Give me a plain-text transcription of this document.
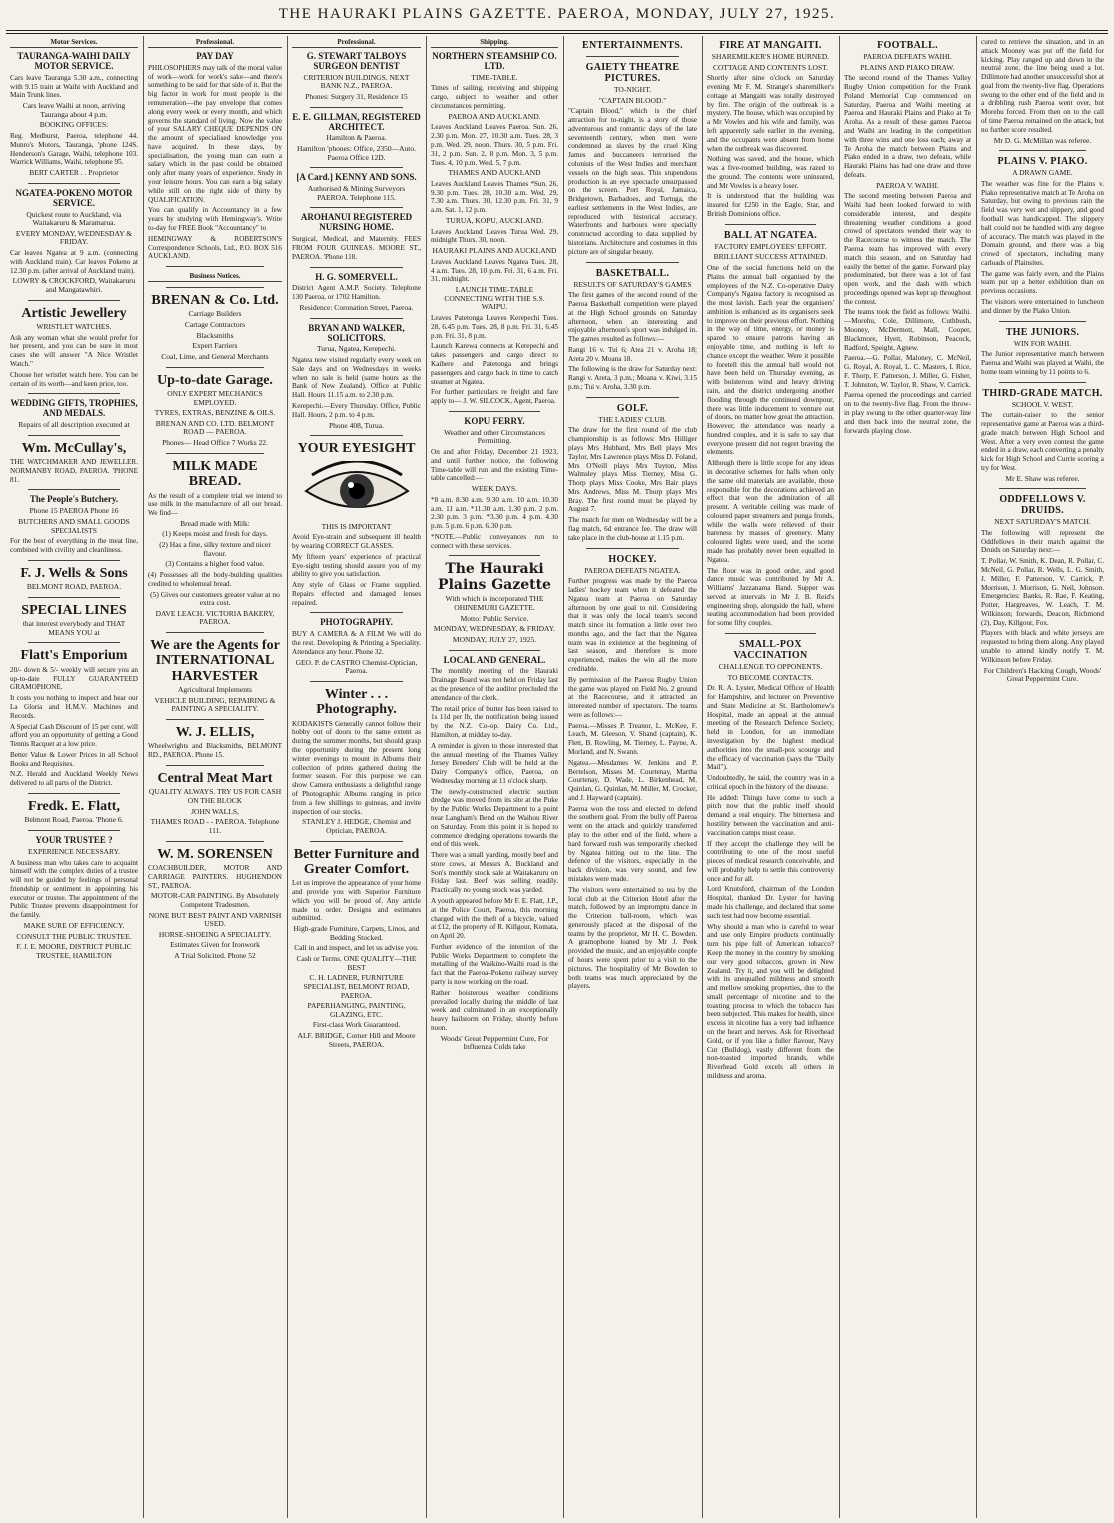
THE HAURAKI PLAINS GAZETTE. PAEROA, MONDAY, JULY 27, 1925.
Motor Services.
TAURANGA-WAIHI DAILY MOTOR SERVICE.
Cars leave Tauranga 5.30 a.m., connecting with 9.15 train at Waihi with Auckland and Main Trunk lines.
Cars leave Waihi at noon, arriving Tauranga about 4 p.m.
BOOKING OFFICES:
Reg. Medhurst, Paeroa, telephone 44. Munro's Motors, Tauranga, 'phone 124S. Henderson's Garage, Waihi, telephone 103. Warrick Williams, Waihi, telephone 95.
BERT CARTER . . Proprietor
NGATEA-POKENO MOTOR SERVICE.
Quickest route to Auckland, via Waitakaruru & Maramarua.
EVERY MONDAY, WEDNESDAY & FRIDAY.
Car leaves Ngatea at 9 a.m. (connecting with Auckland train). Car leaves Pokeno at 12.30 p.m. (after arrival of Auckland train).
LOWRY & CROCKFORD, Waitakaruru and Mangatawhiri.
Artistic Jewellery
WRISTLET WATCHES.
Ask any woman what she would prefer for her present, and you can be sure in most cases she will answer "A Nice Wristlet Watch."
Choose her wristlet watch here. You can be certain of its worth—and keen price, too.
WEDDING GIFTS, TROPHIES, AND MEDALS.
Repairs of all description executed at
Wm. McCullay's,
THE WATCHMAKER AND JEWELLER. NORMANBY ROAD, PAEROA. 'PHONE 81.
The People's Butchery.
Phone 15 PAEROA Phone 16
BUTCHERS AND SMALL GOODS SPECIALISTS
For the best of everything in the meat line, combined with civility and cleanliness.
F. J. Wells & Sons
BELMONT ROAD, PAEROA.
SPECIAL LINES
that interest everybody and THAT MEANS YOU at
Flatt's Emporium
20/- down & 5/- weekly will secure you an up-to-date FULLY GUARANTEED GRAMOPHONE.
It costs you nothing to inspect and hear our La Gloria and H.M.V. Machines and Records.
A Special Cash Discount of 15 per cent. will afford you an opportunity of getting a Good Tennis Racquet at a low price.
Better Value & Lower Prices in all School Books and Requisites.
N.Z. Herald and Auckland Weekly News delivered to all parts of the District.
Fredk. E. Flatt,
Belmont Road, Paeroa. 'Phone 6.
YOUR TRUSTEE ?
EXPERIENCE NECESSARY.
A business man who takes care to acquaint himself with the complex duties of a trustee will not be guided by feelings of personal friendship or sentiment in appointing his executor or trustee. The appointment of the Public Trustee prevents disappointment for the family.
MAKE SURE OF EFFICIENCY.
CONSULT THE PUBLIC TRUSTEE.
F. J. E. MOORE, DISTRICT PUBLIC TRUSTEE, HAMILTON
Professional.
PAY DAY
PHILOSOPHERS may talk of the moral value of work—work for work's sake—and there's something to be said for that side of it. But the big factor in work for most people is the remuneration—the pay envelope that comes along every week or every month, and which governs the standard of living. Now the value of your SALARY CHEQUE DEPENDS ON the amount of specialised knowledge you have acquired. In these days, by specialisation, the young man can earn a salary which in the past could be obtained only after many years of experience. Study in your leisure hours. You can earn a big salary while still on the right side of thirty by QUALIFICATION.
You can qualify in Accountancy in a few years by studying with Hemingway's. Write to-day for FREE Book "Accountancy" to
HEMINGWAY & ROBERTSON'S Correspondence Schools, Ltd., P.O. BOX 516 AUCKLAND.
Business Notices.
BRENAN & Co. Ltd.
Carriage Builders
Cartage Contractors
Blacksmiths
Expert Farriers
Coal, Lime, and General Merchants
Up-to-date Garage.
ONLY EXPERT MECHANICS EMPLOYED.
TYRES, EXTRAS, BENZINE & OILS.
BRENAN AND CO. LTD. BELMONT ROAD — PAEROA.
Phones— Head Office 7 Works 22.
MILK MADE BREAD.
As the result of a complete trial we intend to use milk in the manufacture of all our bread. We find—
Bread made with Milk:
(1) Keeps moist and fresh for days.
(2) Has a fine, silky texture and nicer flavour.
(3) Contains a higher food value.
(4) Possesses all the body-building qualities credited to wholemeal bread.
(5) Gives our customers greater value at no extra cost.
DAVE LEACH. VICTORIA BAKERY, PAEROA.
We are the Agents for INTERNATIONAL HARVESTER
Agricultural Implements
VEHICLE BUILDING, REPAIRING & PAINTING A SPECIALITY.
W. J. ELLIS,
Wheelwrights and Blacksmiths, BELMONT RD., PAEROA. Phone 15.
Central Meat Mart
QUALITY ALWAYS. TRY US FOR CASH ON THE BLOCK
JOHN WALLS,
THAMES ROAD - - PAEROA. Telephone 111.
W. M. SORENSEN
COACHBUILDER, MOTOR AND CARRIAGE PAINTERS. HUGHENDON ST., PAEROA.
MOTOR-CAR PAINTING. By Absolutely Competent Tradesmen.
NONE BUT BEST PAINT AND VARNISH USED.
HORSE-SHOEING A SPECIALITY.
Estimates Given for Ironwork
A Trial Solicited. Phone 52
Professional.
G. STEWART TALBOYS SURGEON DENTIST
CRITERION BUILDINGS. NEXT BANK N.Z., PAEROA.
Phones: Surgery 31, Residence 15
E. E. GILLMAN, REGISTERED ARCHITECT.
Hamilton & Paeroa.
Hamilton 'phones: Office, 2350—Auto. Paeroa Office 12D.
[A Card.] KENNY AND SONS.
Authorised & Mining Surveyors PAEROA. Telephone 115.
AROHANUI REGISTERED NURSING HOME.
Surgical, Medical, and Maternity. FEES FROM FOUR GUINEAS. MOORE ST., PAEROA. 'Phone 118.
H. G. SOMERVELL.
District Agent A.M.P. Society. Telephone 130 Paeroa, or 1702 Hamilton.
Residence: Coronation Street, Paeroa.
BRYAN AND WALKER, SOLICITORS.
Turua, Ngatea, Kerepechi.
Ngatea now visited regularly every week on Sale days and on Wednesdays in weeks when no sale is held (same hours as the Bank of New Zealand). Office at Public Hall. Hours 11.15 a.m. to 2.30 p.m.
Kerepechi.—Every Thursday. Office, Public Hall. Hours, 2 p.m. to 4 p.m.
Phone 408, Turua.
YOUR EYESIGHT
THIS IS IMPORTANT
Avoid Eye-strain and subsequent ill health by wearing CORRECT GLASSES.
My fifteen years' experience of practical Eye-sight testing should assure you of my ability to give you satisfaction.
Any style of Glass or Frame supplied. Repairs effected and damaged lenses repaired.
PHOTOGRAPHY.
BUY A CAMERA & A FILM We will do the rest. Developing & Printing a Speciality. Attendance any hour. Phone 32.
GEO. P. de CASTRO Chemist-Optician, Paeroa.
Winter . . . Photography.
KODAKISTS Generally cannot follow their hobby out of doors to the same extent as during the summer months, but should grasp the opportunity during the present long winter evenings to mount in Albums their collection of prints gathered during the former season. For this purpose we can show Camera enthusiasts a delightful range of Photographic Albums ranging in price from a few shillings to guineas, and invite inspection of our stocks.
STANLEY J. HEDGE, Chemist and Optician, PAEROA.
Better Furniture and Greater Comfort.
Let us improve the appearance of your home and provide you with Superior Furniture which you will be proud of. Any article made to order. Designs and estimates submitted.
High-grade Furniture, Carpets, Linos, and Bedding Stocked.
Call in and inspect, and let us advise you.
Cash or Terms. ONE QUALITY—THE BEST
C. H. LADNER, FURNITURE SPECIALIST, BELMONT ROAD, PAEROA.
PAPERHANGING, PAINTING, GLAZING, ETC.
First-class Work Guaranteed.
ALF. BRIDGE, Corner Hill and Moore Streets, PAEROA.
Shipping.
NORTHERN STEAMSHIP CO. LTD.
TIME-TABLE.
Times of sailing, receiving and shipping cargo, subject to weather and other circumstances permitting.
PAEROA AND AUCKLAND.
Leaves Auckland Leaves Paeroa. Sun. 26, 2.30 p.m. Mon. 27, 10.30 a.m. Tues. 28, 3 p.m. Wed. 29, noon. Thurs. 30, 5 p.m. Fri. 31, 2 p.m. Sun. 2, 8 p.m. Mon. 3, 5 p.m. Tues. 4, 10 p.m. Wed. 5, 7 p.m.
THAMES AND AUCKLAND
Leaves Auckland Leaves Thames *Sun. 26, 9.30 p.m. Tues. 28, 10.30 a.m. Wed. 29, 7.30 a.m. Thurs. 30, 12.30 p.m. Fri. 31, 9 a.m. Sat. 1, 12 p.m.
TURUA, KOPU, AUCKLAND.
Leaves Auckland Leaves Turua Wed. 29, midnight Thurs. 30, noon.
HAURAKI PLAINS AND AUCKLAND
Leaves Auckland Leaves Ngatea Tues. 28, 4 a.m. Tues. 28, 10 p.m. Fri. 31, 6 a.m. Fri. 31, midnight.
LAUNCH TIME-TABLE CONNECTING WITH THE S.S. WAIPU.
Leaves Patetonga Leaves Kerepechi Tues. 28, 6.45 p.m. Tues. 28, 8 p.m. Fri. 31, 6.45 p.m. Fri. 31, 8 p.m.
Launch Karewa connects at Kerepechi and takes passengers and cargo direct to Kaihere and Patetonga and brings passengers and cargo back in time to catch steamer at Ngatea.
For further particulars re freight and fare apply to— J. W. SILCOCK, Agent, Paeroa.
KOPU FERRY.
Weather and other Circumstances Permitting.
On and after Friday, December 21 1923, and until further notice, the following Time-table will run and the existing Time-table cancelled:—
WEEK DAYS.
*8 a.m. 8.30 a.m. 9.30 a.m. 10 a.m. 10.30 a.m. 11 a.m. *11.30 a.m. 1.30 p.m. 2 p.m. 2.30 p.m. 3 p.m. *3.30 p.m. 4 p.m. 4.30 p.m. 5 p.m. 6 p.m. 6.30 p.m.
*NOTE.—Public conveyances run to connect with these services.
The Hauraki Plains Gazette
With which is incorporated THE OHINEMURI GAZETTE.
Motto: Public Service.
MONDAY, WEDNESDAY, & FRIDAY.
MONDAY, JULY 27, 1925.
LOCAL AND GENERAL.
The monthly meeting of the Hauraki Drainage Board was not held on Friday last as the presence of the auditor precluded the attendance of the clerk.
The retail price of butter has been raised to 1s 11d per lb, the notification being issued by the N.Z. Co-op. Dairy Co. Ltd., Hamilton, at midday to-day.
A reminder is given to those interested that the annual meeting of the Thames Valley Jersey Breeders' Club will be held at the Dairy Company's office, Paeroa, on Wednesday morning at 11 o'clock sharp.
The newly-constructed electric suction dredge was moved from its site at the Puke by the Public Works Department to a point near Langham's Bend on the Waihou River on Saturday. From this point it is hoped to commence dredging operations towards the end of this week.
There was a small yarding, mostly beef and store cows, at Messrs A. Buckland and Son's monthly stock sale at Waitakaruru on Friday last. Beef was selling readily. Practically no young stock was yarded.
A youth appeared before Mr F. E. Flatt, J.P., at the Police Court, Paeroa, this morning charged with the theft of a bicycle, valued at £12, the property of R. Killgour, Komata, on April 20.
Further evidence of the intention of the Public Works Department to complete the metalling of the Waikino-Waihi road is the fact that the Paeroa-Pokeno railway survey party is now working on the road.
Rather boisterous weather conditions prevailed locally during the middle of last week and culminated in an exceptionally heavy hailstorm on Friday, shortly before noon.
Woods' Great Peppermint Cure, For Influenza Colds take
ENTERTAINMENTS.
GAIETY THEATRE PICTURES.
TO-NIGHT.
"CAPTAIN BLOOD."
"Captain Blood," which is the chief attraction for to-night, is a story of those adventurous and romantic days of the late seventeenth century, when men were condemned as slaves by the cruel King James and buccaneers terrorised the colonists of the West Indies and merchant vessels on the high seas. This stupendous production is an eye spectacle unsurpassed on the screen. Port Royal, Jamaica, Bridgetown, Barbadoes, and Tortuga, the earliest settlements in the West Indies, are reproduced with historical accuracy. Waterfronts and harbours were specially constructed according to data supplied by historians. Architecture and costumes in this picture are of singular beauty.
BASKETBALL.
RESULTS OF SATURDAY'S GAMES
The first games of the second round of the Paeroa Basketball competition were played at the High School grounds on Saturday afternoon, when an interesting and enjoyable afternoon's sport was indulged in. The games resulted as follows:—
Rangi 16 v. Tui 6; Atea 21 v. Aroha 18; Areta 20 v. Moana 18.
The following is the draw for Saturday next: Rangi v. Areta, 3 p.m.; Moana v. Kiwi, 3.15 p.m.; Tui v. Aroha, 3.30 p.m.
GOLF.
THE LADIES' CLUB.
The draw for the first round of the club championship is as follows: Mrs Hilliger plays Mrs Hubbard, Mrs Bell plays Mrs Taylor, Mrs Lawrence plays Miss D. Foland, Mrs O'Neill plays Mrs Tuyton, Miss Walmsley plays Miss Tierney, Miss G. Thorp plays Miss Cooke, Mrs Bair plays Mrs Andrews, Miss M. Thorp plays Mrs Bray. The first round must be played by August 7.
The match for men on Wednesday will be a flag match, 6d entrance fee. The draw will take place in the club-house at 1.15 p.m.
HOCKEY.
PAEROA DEFEATS NGATEA.
Further progress was made by the Paeroa ladies' hockey team when it defeated the Ngatea team at Paeroa on Saturday afternoon by one goal to nil. Considering that it was only the local team's second match since its formation a little over two months ago, and the fact that the Ngatea team was in existence at the beginning of last season, and therefore is more experienced, makes the win all the more creditable.
By permission of the Paeroa Rugby Union the game was played on Field No. 2 ground at the Racecourse, and it attracted an interested number of spectators. The teams were as follows:—
Paeroa.—Misses P. Treanor, L. McKee, F. Leach, M. Gleeson, V. Shand (captain), K. Flett, B. Rowling, M. Tierney, L. Payne, A. Morland, and N. Swann.
Ngatea.—Mesdames W. Jenkins and P. Bertelson, Misses M. Courtenay, Martha Courtenay, D. Wade, L. Birkenhead, M. Quinlan, G. Quinlan, M. Miller, M. Crocker, and J. Hayward (captain).
Paeroa won the toss and elected to defend the southern goal. From the bully off Paeroa went on the attack and quickly transferred play to the other end of the field, where a hard forward rush was temporarily checked by Ngatea hitting out to the line. The defence of the visitors, especially in the back division, was very sound, and few mistakes were made.
The visitors were entertained to tea by the local club at the Criterion Hotel after the match, followed by an impromptu dance in the Criterion ball-room, which was generously placed at the disposal of the teams by the proprietor, Mr H. C. Bowden. A gramophone loaned by Mr J. Peek provided the music, and an enjoyable couple of hours were spent prior to a visit to the pictures. The hospitality of Mr Bowden to both teams was much appreciated by the players.
FIRE AT MANGAITI.
SHAREMILKER'S HOME BURNED.
COTTAGE AND CONTENTS LOST.
Shortly after nine o'clock on Saturday evening Mr F. M. Strange's sharemilker's cottage at Mangaiti was totally destroyed by fire. The origin of the outbreak is a mystery. The house, which was occupied by a Mr Vowles and his wife and family, was left apparently safe earlier in the evening, and the occupants were absent from home when the outbreak was discovered.
Nothing was saved, and the house, which was a five-roomed building, was razed to the ground. The contents were uninsured, and Mr Vowles is a heavy loser.
It is understood that the building was insured for £250 in the Eagle, Star, and British Dominions office.
BALL AT NGATEA.
FACTORY EMPLOYEES' EFFORT.
BRILLIANT SUCCESS ATTAINED.
One of the social functions held on the Plains the annual ball organised by the employees of the N.Z. Co-operative Dairy Company's Ngatea factory is recognised as the most lavish. Each year the organisers' ambition is enhanced as its organisers seek to improve on their previous effort. Nothing in the way of time, energy, or money is spared to ensure patrons having an enjoyable time, and nothing is left to chance except the weather. Were it possible to foretell this the annual ball would not have been held on Thursday evening, as with boisterous wind and heavy driving rain, and the district undergoing another flooding through the continued downpour, there was little inducement to venture out of doors, no matter how great the attraction. However, the attendance was nearly a hundred couples, and it is safe to say that everyone present did not regret braving the elements.
Although there is little scope for any ideas in decorative schemes for halls when only the same old materials are available, those responsible for the decorations achieved an effect that won the admiration of all present. A veritable ceiling was made of coloured paper streamers and punga fronds, while the walls were relieved of their bareness by masses of greenery. Many coloured lights were used, and the scene made has probably never been equalled in Ngatea.
The floor was in good order, and good dance music was contributed by Mr A. Williams' Jazzanama Band. Supper was served at intervals in Mr J. B. Reid's engineering shop, alongside the hall, where seating accommodation had been provided for some fifty couples.
SMALL-POX VACCINATION
CHALLENGE TO OPPONENTS.
TO BECOME CONTACTS.
Dr. R. A. Lyster, Medical Officer of Health for Hampshire, and lecturer on Preventive and State Medicine at St. Bartholomew's Hospital, made an appeal at the annual meeting of the Research Defence Society, held in London, for an immediate investigation by the highest medical authorities into the small-pox scourge and the efficacy of vaccination (says the "Daily Mail").
Undoubtedly, he said, the country was in a critical epoch in the history of the disease.
He added: Things have come to such a pitch now that the public itself should demand a real enquiry. The bitterness and hostility between the vaccination and anti-vaccination camps must cease.
If they accept the challenge they will be contributing to one of the most useful pieces of medical research conceivable, and will probably help to settle this controversy once and for all.
Lord Knutsford, chairman of the London Hospital, thanked Dr. Lyster for having made his challenge, and declared that some such test had now become essential.
Why should a man who is careful to wear and use only Empire products continually turn his pipe full of American tobacco? Keep the money in the country by smoking our very good tobaccos, grown in New Zealand. Try it, and you will be delighted with its unequalled mildness and smooth and mellow smoking properties, due to the small percentage of nicotine and to the toasting process to which the tobacco has been subjected. This makes for health, since excess in nicotine has a very bad influence on the heart and nerves. Ask for Riverhead Gold, or if you like a fuller flavour, Navy Cut (Bulldog), vastly different from the non-toasted imported brands, while Riverhead Gold excels all others in mildness and aroma.
FOOTBALL.
PAEROA DEFEATS WAIHI.
PLAINS AND PIAKO DRAW.
The second round of the Thames Valley Rugby Union competition for the Frank Poland Memorial Cup commenced on Saturday, Paeroa and Waihi meeting at Paeroa and Hauraki Plains and Piako at Te Aroha. As a result of these games Paeroa and Waihi are leading in the competition with three wins and one loss each; away at Te Aroha the match between Plains and Piako ended in a draw, two defeats, while Hauraki Plains has had one draw and three defeats.
PAEROA V. WAIHI.
The second meeting between Paeroa and Waihi had been looked forward to with considerable interest, and despite threatening weather conditions a good crowd of spectators wended their way to the Racecourse to witness the match. The Paeroa team has improved with every match this season, and on Saturday had easily the better of the game. Forward play predominated, but there was a lot of fast open work, and the dash with which proceedings opened was kept up throughout the contest.
The teams took the field as follows: Waihi.—Morehu, Cole, Dillimore, Cuthbush, Mooney, McDermott, Mall, Cooper, Blackmore, Hyett, Robinson, Peacock, Radford, Speight, Agnew.
Paeroa.—G. Pollar, Maloney, C. McNeil, G. Royal, A. Royal, L. C. Masters, I. Rice, F. Thorp, F. Patterson, J. Miller, G. Fisher, T. Johnston, W. Taylor, R. Shaw, V. Carrick.
Paeroa opened the proceedings and carried on to the twenty-five flag. From the throw-in play swung to the other quarter-way line and then back into the neutral zone, the forwards playing close.
cured to retrieve the situation, and in an attack Mooney was put off the field for kicking. Play ranged up and down in the neutral zone, the line being used a lot. Dillimore had another unsuccessful shot at goal from the twenty-five flag. Operations swung to the other end of the field and in a dribbling rush Paeroa went over, but Morehu forced. From then on to the call of time Paeroa remained on the attack, but no further score resulted.
Mr D. G. McMillan was referee.
PLAINS V. PIAKO.
A DRAWN GAME.
The weather was fine for the Plains v. Piako representative match at Te Aroha on Saturday, but owing to previous rain the field was very wet and slippery, and good football was handicapped. The slippery ball could not be handled with any degree of accuracy. The match was played in the Domain ground, and there was a big crowd of spectators, including many carloads of Plainsites.
The game was fairly even, and the Plains team put up a better exhibition than on previous occasions.
The visitors were entertained to luncheon and dinner by the Piako Union.
THE JUNIORS.
WIN FOR WAIHI.
The Junior representative match between Paeroa and Waihi was played at Waihi, the home team winning by 11 points to 6.
THIRD-GRADE MATCH.
SCHOOL V. WEST.
The curtain-raiser to the senior representative game at Paeroa was a third-grade match between High School and West. After a very even contest the game ended in a draw, each converting a penalty kick for High School and Currie scoring a try for West.
Mr E. Shaw was referee.
ODDFELLOWS V. DRUIDS.
NEXT SATURDAY'S MATCH.
The following will represent the Oddfellows in their match against the Druids on Saturday next:—
T. Pollar, W. Smith, K. Dean, R. Pollar, C. McNeil, G. Pollar, R. Wells, L. G. Smith, J. Miller, F. Patterson, V. Carrick, P. Morrison, J. Morrison, G. Neil, Johnson. Emergencies: Banks, R. Rae, F. Keating, Potter, Hargreaves, W. Leach, T. M. Wilkinson; forwards, Deacon, Richmond (2), Day, Killgour, Fox.
Players with black and white jerseys are requested to bring them along. Any played unable to attend kindly notify T. M. Wilkinson before Friday.
For Children's Hacking Cough, Woods' Great Peppermint Cure.
